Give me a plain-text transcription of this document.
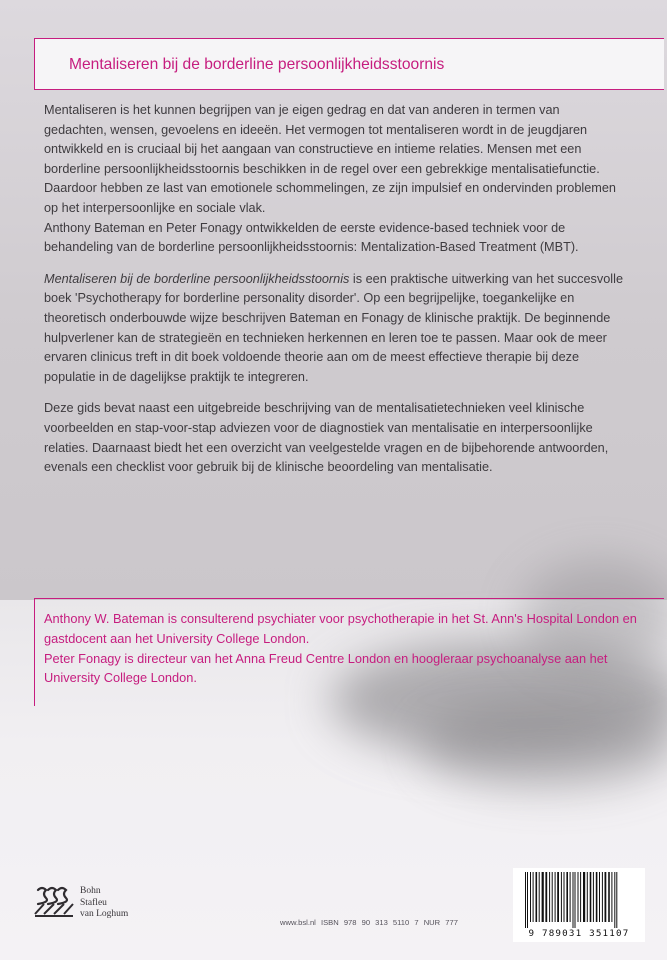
Mentaliseren bij de borderline persoonlijkheidsstoornis

Mentaliseren is het kunnen begrijpen van je eigen gedrag en dat van anderen in termen van gedachten, wensen, gevoelens en ideeën. Het vermogen tot mentaliseren wordt in de jeugdjaren ontwikkeld en is cruciaal bij het aangaan van constructieve en intieme relaties. Mensen met een borderline persoonlijkheidsstoornis beschikken in de regel over een gebrekkige mentalisatiefunctie. Daardoor hebben ze last van emotionele schommelingen, ze zijn impulsief en ondervinden problemen op het interpersoonlijke en sociale vlak.
Anthony Bateman en Peter Fonagy ontwikkelden de eerste evidence-based techniek voor de behandeling van de borderline persoonlijkheidsstoornis: Mentalization-Based Treatment (MBT).

Mentaliseren bij de borderline persoonlijkheidsstoornis is een praktische uitwerking van het succesvolle boek 'Psychotherapy for borderline personality disorder'. Op een begrijpelijke, toegankelijke en theoretisch onderbouwde wijze beschrijven Bateman en Fonagy de klinische praktijk. De beginnende hulpverlener kan de strategieën en technieken herkennen en leren toe te passen. Maar ook de meer ervaren clinicus treft in dit boek voldoende theorie aan om de meest effectieve therapie bij deze populatie in de dagelijkse praktijk te integreren.

Deze gids bevat naast een uitgebreide beschrijving van de mentalisatietechnieken veel klinische voorbeelden en stap-voor-stap adviezen voor de diagnostiek van mentalisatie en interpersoonlijke relaties. Daarnaast biedt het een overzicht van veelgestelde vragen en de bijbehorende antwoorden, evenals een checklist voor gebruik bij de klinische beoordeling van mentalisatie.

Anthony W. Bateman is consulterend psychiater voor psychotherapie in het St. Ann's Hospital London en gastdocent aan het University College London.

Peter Fonagy is directeur van het Anna Freud Centre London en hoogleraar psychoanalyse aan het University College London.

Bohn
Stafleu
van Loghum
www.bsl.nl ISBN 978 90 313 5110 7 NUR 777
9 789031 351107
